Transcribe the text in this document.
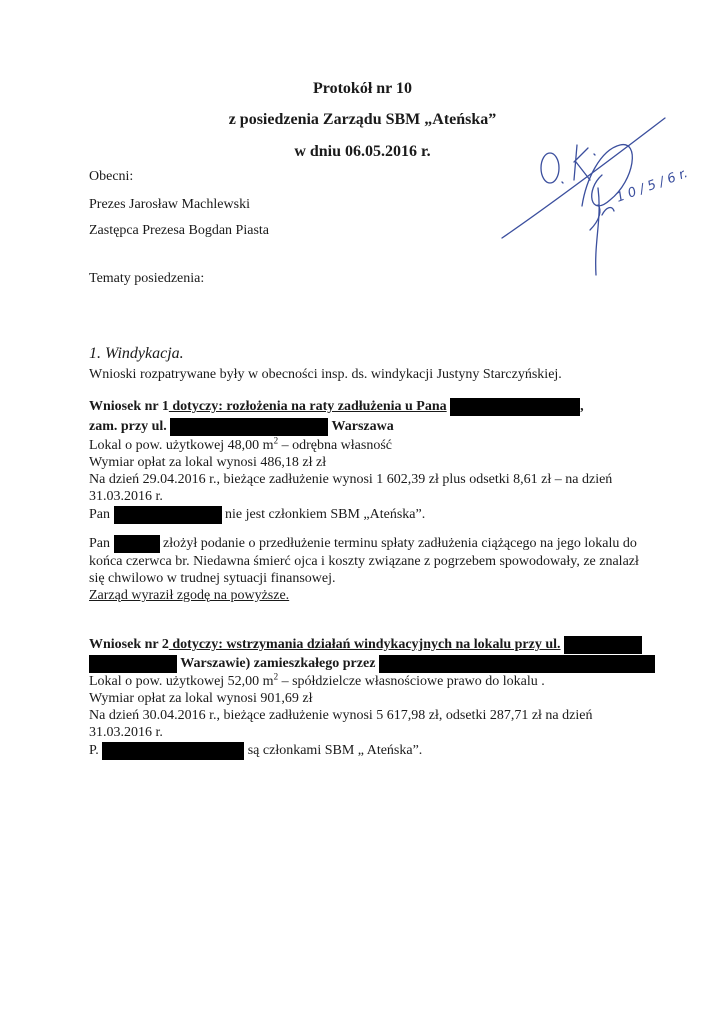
Protokół nr 10
z posiedzenia Zarządu SBM „Ateńska”
w dniu 06.05.2016 r.
Obecni:
Prezes Jarosław Machlewski
Zastępca Prezesa Bogdan Piasta
Tematy posiedzenia:
1 0 / 5 / 6 r.
1. Windykacja.
Wnioski rozpatrywane były w obecności insp. ds. windykacji Justyny Starczyńskiej.
Wniosek nr 1 dotyczy: rozłożenia na raty zadłużenia u Pana	,
zam. przy ul.	Warszawa
Lokal o pow. użytkowej 48,00 $m^2$ – odrębna własność
Wymiar opłat za lokal wynosi 486,18 zł zł
Na dzień 29.04.2016 r., bieżące zadłużenie wynosi 1 602,39 zł plus odsetki 8,61 zł – na dzień
31.03.2016 r.
Pan	nie jest członkiem SBM „Ateńska”.
Pan	złożył podanie o przedłużenie terminu spłaty zadłużenia ciążącego na jego lokalu do
końca czerwca br. Niedawna śmierć ojca i koszty związane z pogrzebem spowodowały, ze znalazł
się chwilowo w trudnej sytuacji finansowej.
Zarząd wyraził zgodę na powyższe.
Wniosek nr 2 dotyczy: wstrzymania działań windykacyjnych na lokalu przy ul.
Warszawie) zamieszkałego przez
Lokal o pow. użytkowej 52,00 $m^2$ – spółdzielcze własnościowe prawo do lokalu .
Wymiar opłat za lokal wynosi 901,69 zł
Na dzień 30.04.2016 r., bieżące zadłużenie wynosi 5 617,98 zł, odsetki 287,71 zł na dzień
31.03.2016 r.
P.	są członkami SBM „ Ateńska”.
